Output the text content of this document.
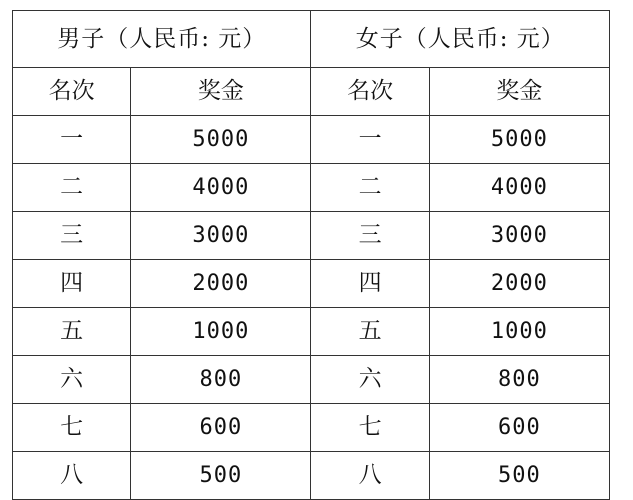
男子（人民币: 元）		女子（人民币: 元）	
名次	奖金	名次	奖金
一	5000	一	5000
二	4000	二	4000
三	3000	三	3000
四	2000	四	2000
五	1000	五	1000
六	800	六	800
七	600	七	600
八	500	八	500
